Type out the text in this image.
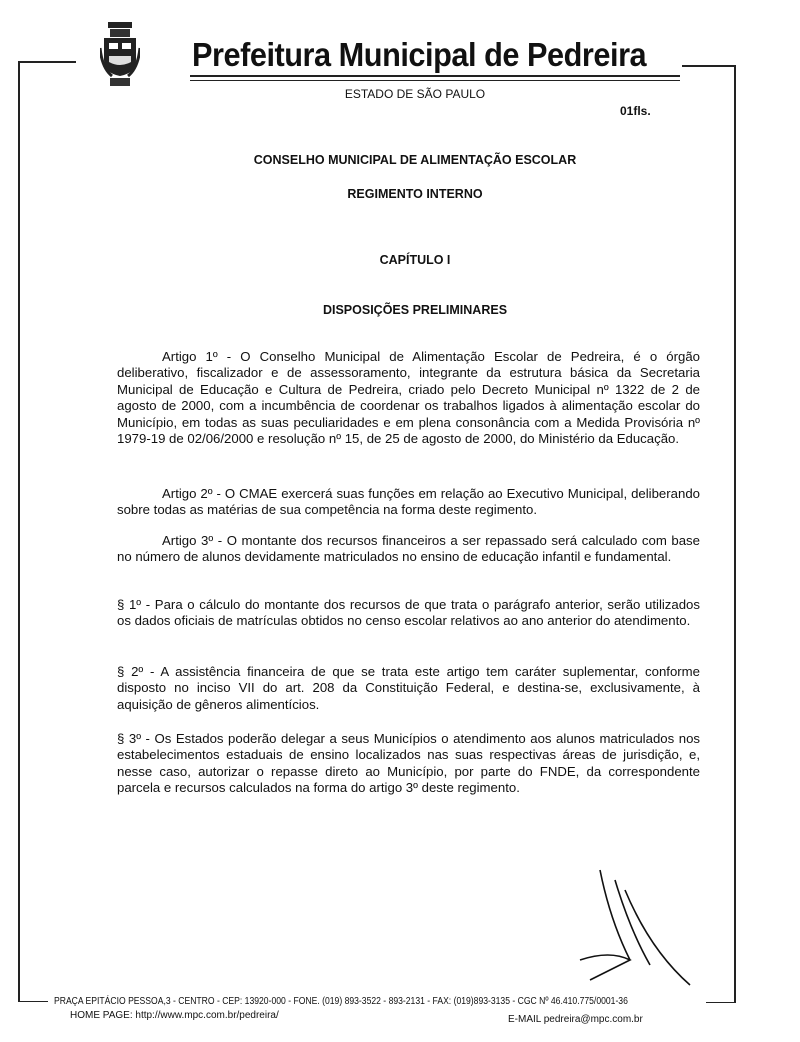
Prefeitura Municipal de Pedreira
ESTADO DE SÃO PAULO
01fls.
CONSELHO MUNICIPAL DE ALIMENTAÇÃO ESCOLAR
REGIMENTO INTERNO
CAPÍTULO I
DISPOSIÇÕES PRELIMINARES
Artigo 1º - O Conselho Municipal de Alimentação Escolar de Pedreira, é o órgão deliberativo, fiscalizador e de assessoramento, integrante da estrutura básica da Secretaria Municipal de Educação e Cultura de Pedreira, criado pelo Decreto Municipal nº 1322 de 2 de agosto de 2000, com a incumbência de coordenar os trabalhos ligados à alimentação escolar do Município, em todas as suas peculiaridades e em plena consonância com a Medida Provisória nº 1979-19 de 02/06/2000 e resolução nº 15, de 25 de agosto de 2000, do Ministério da Educação.
Artigo 2º - O CMAE exercerá suas funções em relação ao Executivo Municipal, deliberando sobre todas as matérias de sua competência na forma deste regimento.
Artigo 3º - O montante dos recursos financeiros a ser repassado será calculado com base no número de alunos devidamente matriculados no ensino de educação infantil e fundamental.
§ 1º - Para o cálculo do montante dos recursos de que trata o parágrafo anterior, serão utilizados os dados oficiais de matrículas obtidos no censo escolar relativos ao ano anterior do atendimento.
§ 2º - A assistência financeira de que se trata este artigo tem caráter suplementar, conforme disposto no inciso VII do art. 208 da Constituição Federal, e destina-se, exclusivamente, à aquisição de gêneros alimentícios.
§ 3º - Os Estados poderão delegar a seus Municípios o atendimento aos alunos matriculados nos estabelecimentos estaduais de ensino localizados nas suas respectivas áreas de jurisdição, e, nesse caso, autorizar o repasse direto ao Município, por parte do FNDE, da correspondente parcela e recursos calculados na forma do artigo 3º deste regimento.
PRAÇA EPITÁCIO PESSOA,3 - CENTRO - CEP: 13920-000 - FONE. (019) 893-3522 - 893-2131 - FAX: (019)893-3135 - CGC Nº 46.410.775/0001-36
HOME PAGE: http://www.mpc.com.br/pedreira/	E-MAIL pedreira@mpc.com.br
